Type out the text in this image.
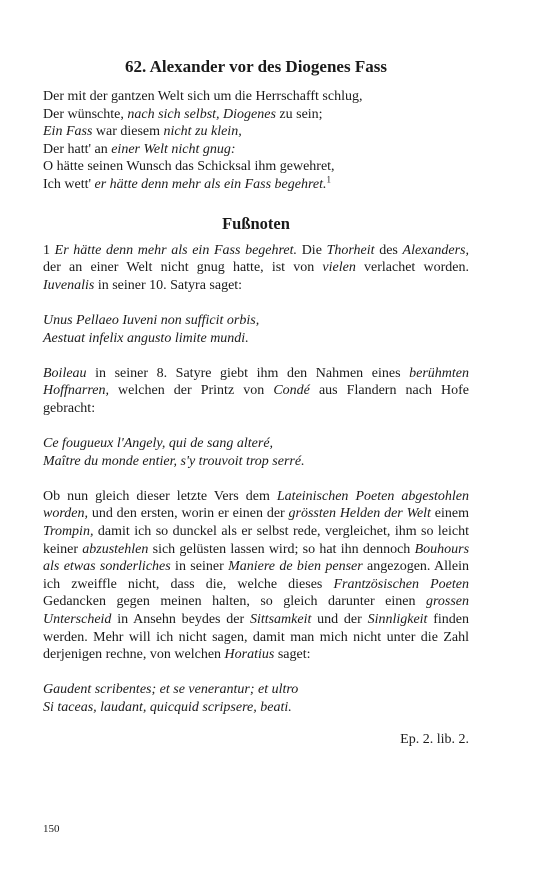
62. Alexander vor des Diogenes Fass
Der mit der gantzen Welt sich um die Herrschafft schlug,
Der wünschte, nach sich selbst, Diogenes zu sein;
Ein Fass war diesem nicht zu klein,
Der hatt' an einer Welt nicht gnug:
O hätte seinen Wunsch das Schicksal ihm gewehret,
Ich wett' er hätte denn mehr als ein Fass begehret.$^1$
Fußnoten

1 Er hätte denn mehr als ein Fass begehret. Die Thorheit des Alexanders, der an einer Welt nicht gnug hatte, ist von vielen verlachet worden. Iuvenalis in seiner 10. Satyra saget:

Unus Pellaeo Iuveni non sufficit orbis,
Aestuat infelix angusto limite mundi.

Boileau in seiner 8. Satyre giebt ihm den Nahmen eines berühmten Hoffnarren, welchen der Printz von Condé aus Flandern nach Hofe gebracht:

Ce fougueux l'Angely, qui de sang alteré,
Maître du monde entier, s'y trouvoit trop serré.

Ob nun gleich dieser letzte Vers dem Lateinischen Poeten abgestohlen worden, und den ersten, worin er einen der grössten Helden der Welt einem Trompin, damit ich so dunckel als er selbst rede, vergleichet, ihm so leicht keiner abzustehlen sich gelüsten lassen wird; so hat ihn dennoch Bouhours als etwas sonderliches in seiner Maniere de bien penser angezogen. Allein ich zweiffle nicht, dass die, welche dieses Frantzösischen Poeten Gedancken gegen meinen halten, so gleich darunter einen grossen Unterscheid in Ansehn beydes der Sittsamkeit und der Sinnligkeit finden werden. Mehr will ich nicht sagen, damit man mich nicht unter die Zahl derjenigen rechne, von welchen Horatius saget:

Gaudent scribentes; et se venerantur; et ultro
Si taceas, laudant, quicquid scripsere, beati.

Ep. 2. lib. 2.

150
